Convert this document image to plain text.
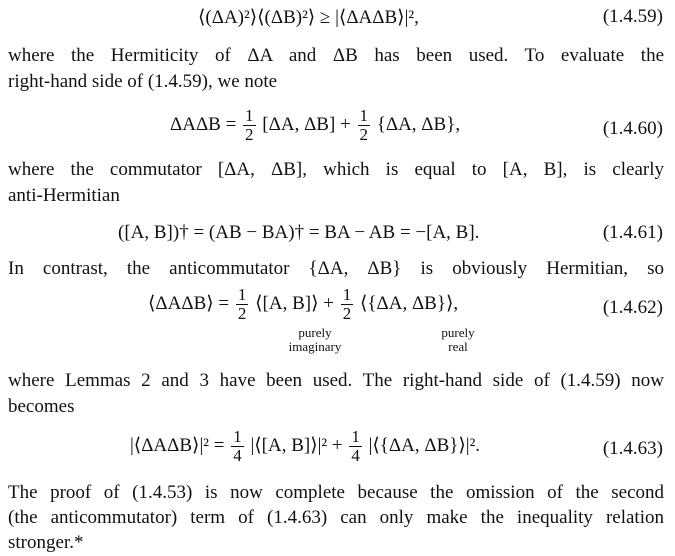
⟨(ΔA)²⟩⟨(ΔB)²⟩ ≥ |⟨ΔAΔB⟩|²,	(1.4.59)
where the Hermiticity of ΔA and ΔB has been used. To evaluate the
right-hand side of (1.4.59), we note
$\Delta A\Delta B = \frac{1}{2} [\Delta A$, $\Delta B] + \frac{1}{2} \{\Delta A$, ΔB},	(1.4.60)
where the commutator [ΔA, ΔB], which is equal to [A, B], is clearly
anti-Hermitian
([A, B])† = (AB − BA)† = BA − AB = −[A, B].	(1.4.61)
In contrast, the anticommutator {ΔA, ΔB} is obviously Hermitian, so
⟨ΔAΔB⟩ = $\frac{1}{2}$ ⟨[A, B]⟩ + $\frac{1}{2}$ ⟨{ΔA, ΔB}⟩,	(1.4.62)
purely
imaginary
purely
real
where Lemmas 2 and 3 have been used. The right-hand side of (1.4.59) now
becomes
|⟨ΔAΔB⟩|² = $\frac{1}{4}$ |⟨[A, B]⟩|² + $\frac{1}{4}$ |⟨{ΔA, ΔB}⟩|².	(1.4.63)
The proof of (1.4.53) is now complete because the omission of the second
(the anticommutator) term of (1.4.63) can only make the inequality relation
stronger.*
